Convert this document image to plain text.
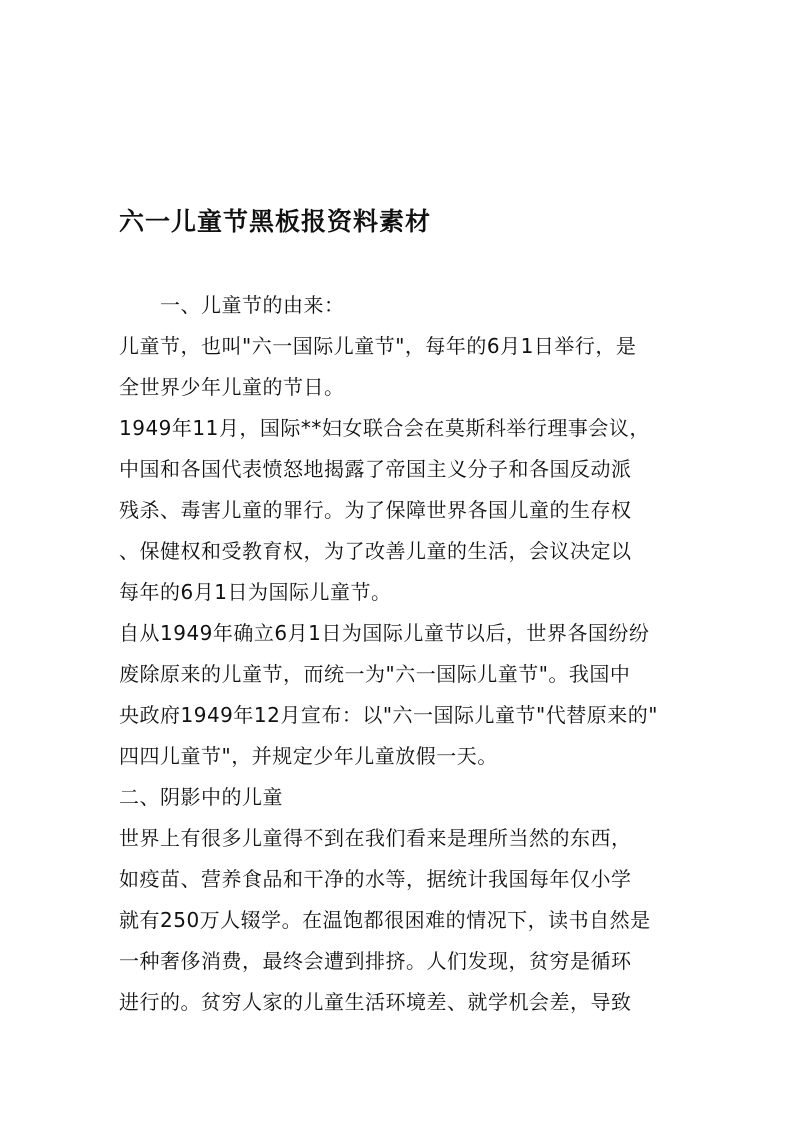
六一儿童节黑板报资料素材
一、儿童节的由来：
儿童节，也叫"六一国际儿童节"，每年的6月1日举行，是
全世界少年儿童的节日。
1949年11月，国际**妇女联合会在莫斯科举行理事会议，
中国和各国代表愤怒地揭露了帝国主义分子和各国反动派
残杀、毒害儿童的罪行。为了保障世界各国儿童的生存权
、保健权和受教育权，为了改善儿童的生活，会议决定以
每年的6月1日为国际儿童节。
自从1949年确立6月1日为国际儿童节以后，世界各国纷纷
废除原来的儿童节，而统一为"六一国际儿童节"。我国中
央政府1949年12月宣布：以"六一国际儿童节"代替原来的"
四四儿童节"，并规定少年儿童放假一天。
二、阴影中的儿童
世界上有很多儿童得不到在我们看来是理所当然的东西，
如疫苗、营养食品和干净的水等，据统计我国每年仅小学
就有250万人辍学。在温饱都很困难的情况下，读书自然是
一种奢侈消费，最终会遭到排挤。人们发现，贫穷是循环
进行的。贫穷人家的儿童生活环境差、就学机会差，导致
